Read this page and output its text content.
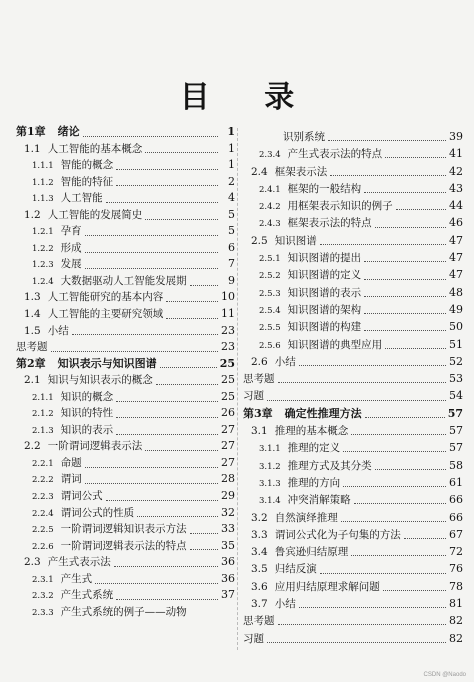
目 录
第1章 绪论	1
1.1 人工智能的基本概念	1
1.1.1 智能的概念	1
1.1.2 智能的特征	2
1.1.3 人工智能	4
1.2 人工智能的发展简史	5
1.2.1 孕育	5
1.2.2 形成	6
1.2.3 发展	7
1.2.4 大数据驱动人工智能发展期	9
1.3 人工智能研究的基本内容	10
1.4 人工智能的主要研究领域	11
1.5 小结	23
思考题	23
第2章 知识表示与知识图谱	25
2.1 知识与知识表示的概念	25
2.1.1 知识的概念	25
2.1.2 知识的特性	26
2.1.3 知识的表示	27
2.2 一阶谓词逻辑表示法	27
2.2.1 命题	27
2.2.2 谓词	28
2.2.3 谓词公式	29
2.2.4 谓词公式的性质	32
2.2.5 一阶谓词逻辑知识表示方法	33
2.2.6 一阶谓词逻辑表示法的特点	35
2.3 产生式表示法	36
2.3.1 产生式	36
2.3.2 产生式系统	37
2.3.3 产生式系统的例子——动物
识别系统	39
2.3.4 产生式表示法的特点	41
2.4 框架表示法	42
2.4.1 框架的一般结构	43
2.4.2 用框架表示知识的例子	44
2.4.3 框架表示法的特点	46
2.5 知识图谱	47
2.5.1 知识图谱的提出	47
2.5.2 知识图谱的定义	47
2.5.3 知识图谱的表示	48
2.5.4 知识图谱的架构	49
2.5.5 知识图谱的构建	50
2.5.6 知识图谱的典型应用	51
2.6 小结	52
思考题	53
习题	54
第3章 确定性推理方法	57
3.1 推理的基本概念	57
3.1.1 推理的定义	57
3.1.2 推理方式及其分类	58
3.1.3 推理的方向	61
3.1.4 冲突消解策略	66
3.2 自然演绎推理	66
3.3 谓词公式化为子句集的方法	67
3.4 鲁宾逊归结原理	72
3.5 归结反演	76
3.6 应用归结原理求解问题	78
3.7 小结	81
思考题	82
习题	82
CSDN @Naodo
